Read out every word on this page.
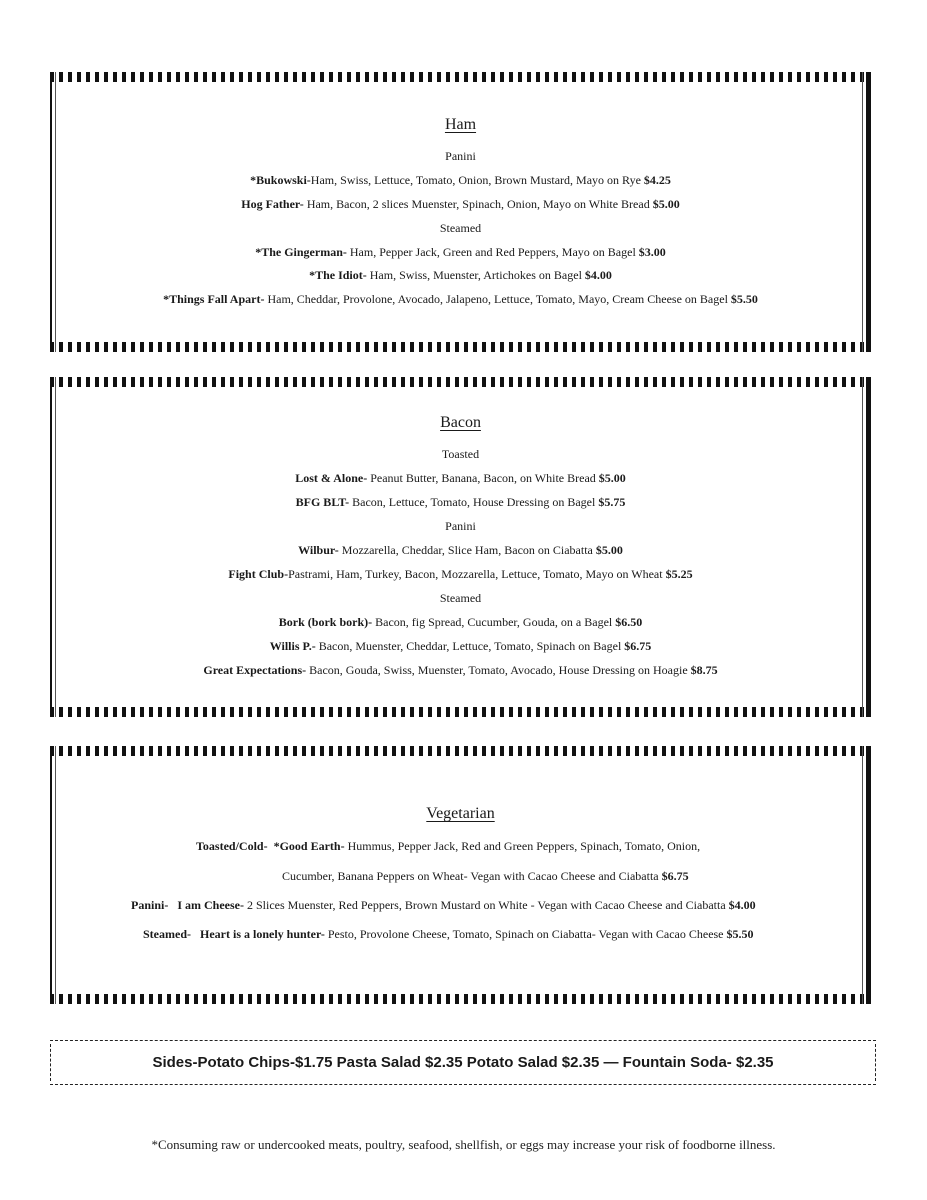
Ham
Panini
*Bukowski-Ham, Swiss, Lettuce, Tomato, Onion, Brown Mustard, Mayo on Rye $4.25
Hog Father- Ham, Bacon, 2 slices Muenster, Spinach, Onion, Mayo on White Bread $5.00
Steamed
*The Gingerman- Ham, Pepper Jack, Green and Red Peppers, Mayo on Bagel $3.00
*The Idiot- Ham, Swiss, Muenster, Artichokes on Bagel $4.00
*Things Fall Apart- Ham, Cheddar, Provolone, Avocado, Jalapeno, Lettuce, Tomato, Mayo, Cream Cheese on Bagel $5.50
Bacon
Toasted
Lost & Alone- Peanut Butter, Banana, Bacon, on White Bread $5.00
BFG BLT- Bacon, Lettuce, Tomato, House Dressing on Bagel $5.75
Panini
Wilbur- Mozzarella, Cheddar, Slice Ham, Bacon on Ciabatta $5.00
Fight Club-Pastrami, Ham, Turkey, Bacon, Mozzarella, Lettuce, Tomato, Mayo on Wheat $5.25
Steamed
Bork (bork bork)- Bacon, fig Spread, Cucumber, Gouda, on a Bagel $6.50
Willis P.- Bacon, Muenster, Cheddar, Lettuce, Tomato, Spinach on Bagel $6.75
Great Expectations- Bacon, Gouda, Swiss, Muenster, Tomato, Avocado, House Dressing on Hoagie $8.75
Vegetarian
Toasted/Cold- *Good Earth- Hummus, Pepper Jack, Red and Green Peppers, Spinach, Tomato, Onion,
Cucumber, Banana Peppers on Wheat- Vegan with Cacao Cheese and Ciabatta $6.75
Panini- I am Cheese- 2 Slices Muenster, Red Peppers, Brown Mustard on White - Vegan with Cacao Cheese and Ciabatta $4.00
Steamed- Heart is a lonely hunter- Pesto, Provolone Cheese, Tomato, Spinach on Ciabatta- Vegan with Cacao Cheese $5.50
Sides-Potato Chips-$1.75 Pasta Salad $2.35 Potato Salad $2.35 — Fountain Soda- $2.35
*Consuming raw or undercooked meats, poultry, seafood, shellfish, or eggs may increase your risk of foodborne illness.
